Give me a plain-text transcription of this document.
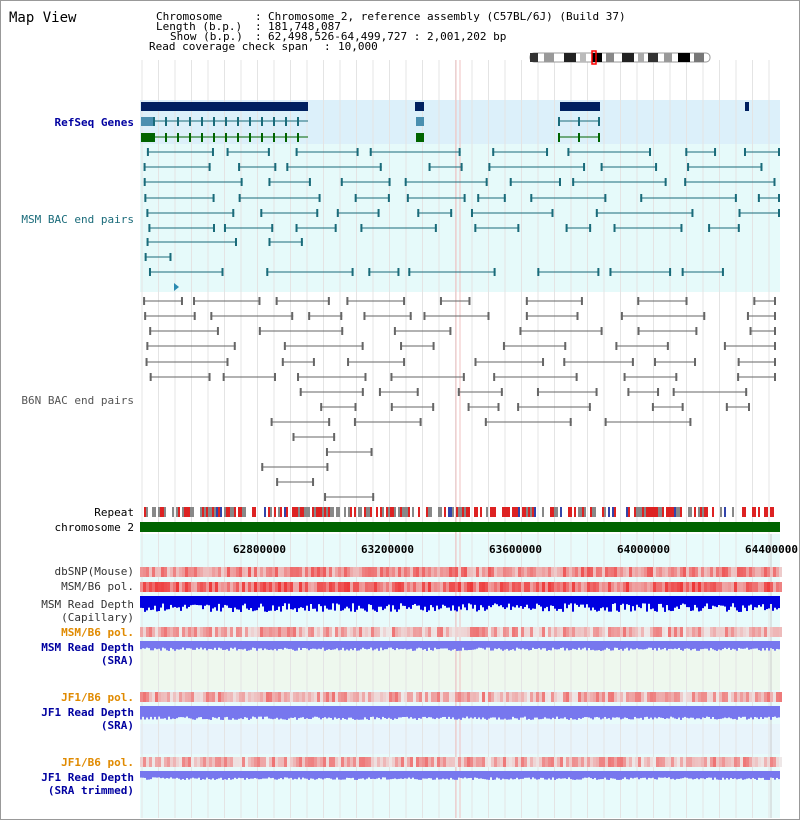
Map View	Chromosome	: Chromosome 2, reference assembly (C57BL/6J) (Build 37)
Length (b.p.) : 181,748,087
Show (b.p.) : 62,498,526-64,499,727 : 2,001,202 bp
Read coverage check span : 10,000
RefSeq Genes
MSM BAC end pairs
B6N BAC end pairs
Repeat
chromosome 2
dbSNP(Mouse)
MSM/B6 pol.
MSM Read Depth
(Capillary)
MSM/B6 pol.
MSM Read Depth
(SRA)
JF1/B6 pol.
JF1 Read Depth
(SRA)
JF1/B6 pol.
JF1 Read Depth
(SRA trimmed)
62800000	63200000	63600000	64000000	64400000
